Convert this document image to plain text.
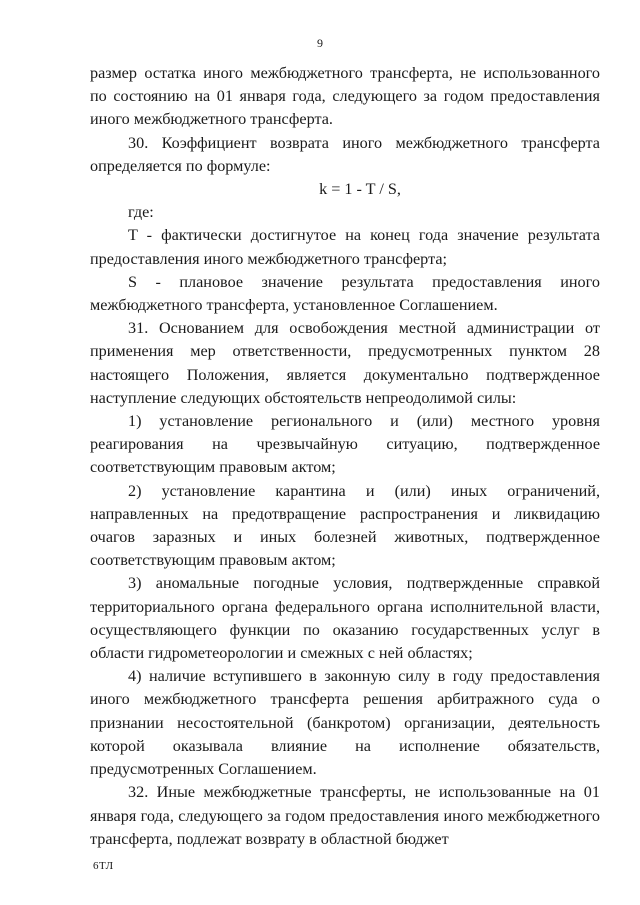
9

размер остатка иного межбюджетного трансферта, не использованного по состоянию на 01 января года, следующего за годом предоставления иного межбюджетного трансферта.

30. Коэффициент возврата иного межбюджетного трансферта определяется по формуле:

k = 1 - T / S,

где:

T - фактически достигнутое на конец года значение результата предоставления иного межбюджетного трансферта;

S - плановое значение результата предоставления иного межбюджетного трансферта, установленное Соглашением.

31. Основанием для освобождения местной администрации от применения мер ответственности, предусмотренных пунктом 28 настоящего Положения, является документально подтвержденное наступление следующих обстоятельств непреодолимой силы:

1) установление регионального и (или) местного уровня реагирования на чрезвычайную ситуацию, подтвержденное соответствующим правовым актом;

2) установление карантина и (или) иных ограничений, направленных на предотвращение распространения и ликвидацию очагов заразных и иных болезней животных, подтвержденное соответствующим правовым актом;

3) аномальные погодные условия, подтвержденные справкой территориального органа федерального органа исполнительной власти, осуществляющего функции по оказанию государственных услуг в области гидрометеорологии и смежных с ней областях;

4) наличие вступившего в законную силу в году предоставления иного межбюджетного трансферта решения арбитражного суда о признании несостоятельной (банкротом) организации, деятельность которой оказывала влияние на исполнение обязательств, предусмотренных Соглашением.

32. Иные межбюджетные трансферты, не использованные на 01 января года, следующего за годом предоставления иного межбюджетного трансферта, подлежат возврату в областной бюджет

6ТЛ
